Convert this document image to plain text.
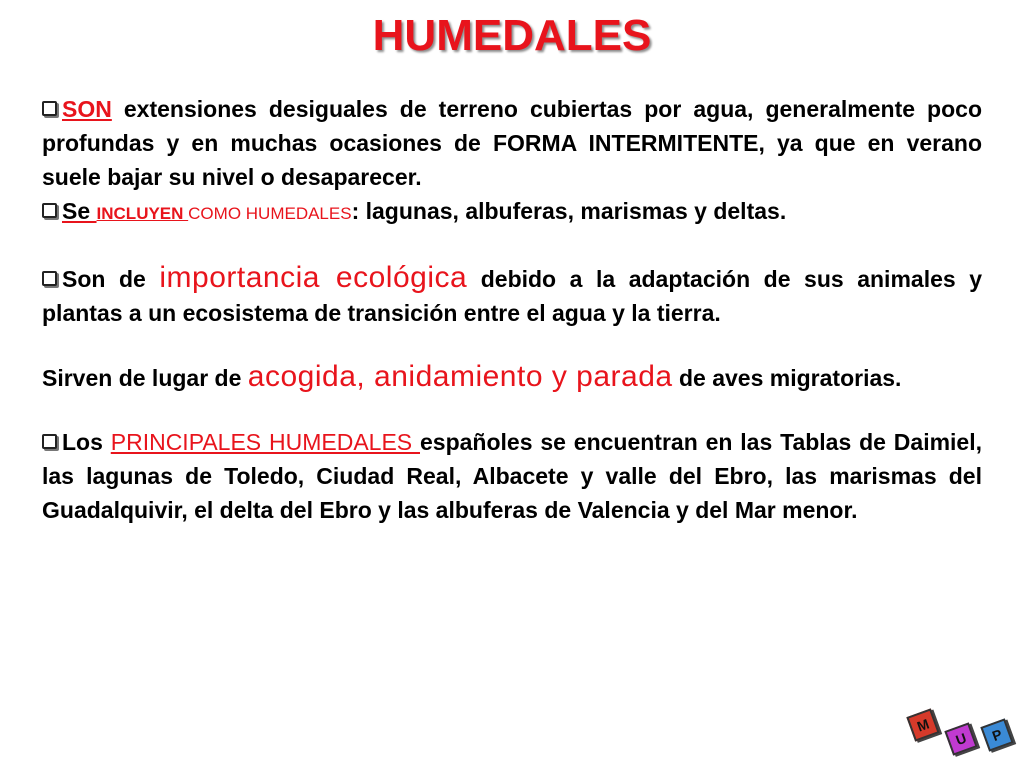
HUMEDALES

SON extensiones desiguales de terreno cubiertas por agua, generalmente poco profundas y en muchas ocasiones de FORMA INTERMITENTE, ya que en verano suele bajar su nivel o desaparecer.

Se INCLUYEN COMO HUMEDALES: lagunas, albuferas, marismas y deltas.

Son de importancia ecológica debido a la adaptación de sus animales y plantas a un ecosistema de transición entre el agua y la tierra.

Sirven de lugar de acogida, anidamiento y parada de aves migratorias.

Los PRINCIPALES HUMEDALES españoles se encuentran en las Tablas de Daimiel, las lagunas de Toledo, Ciudad Real, Albacete y valle del Ebro, las marismas del Guadalquivir, el delta del Ebro y las albuferas de Valencia y del Mar menor.

M
U	P
